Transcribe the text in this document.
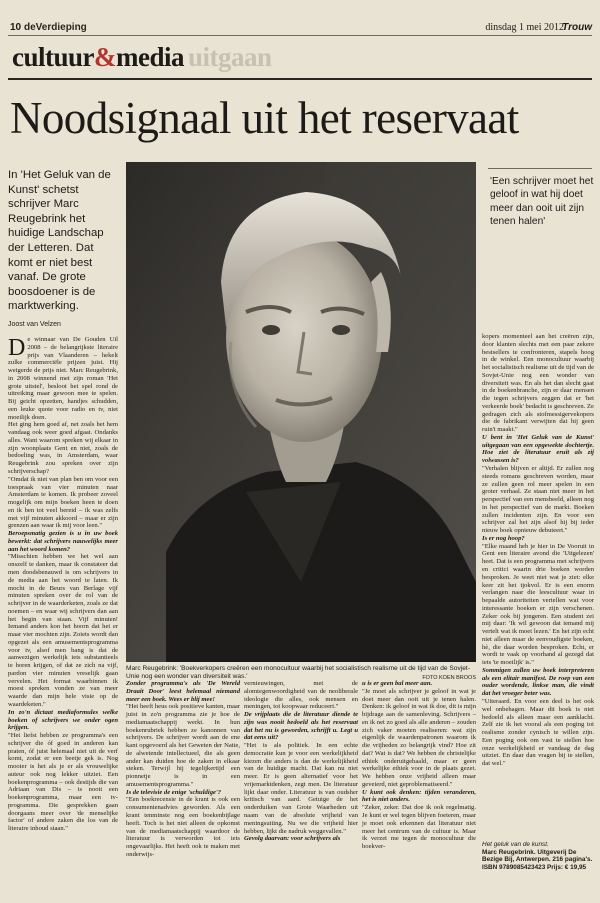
10 deVerdieping	dinsdag 1 mei 2012
Trouw
cultuur&media uitgaan
Noodsignaal uit het reservaat
In 'Het Geluk van de Kunst' schetst schrijver Marc Reugebrink het huidige Landschap der Letteren. Dat komt er niet best vanaf. De grote boosdoener is de marktwerking.
Joost van Velzen
Marc Reugebrink: 'Boekverkopers creëren een monocultuur waarbij het socialistisch realisme uit de tijd van de Sovjet-Unie nog een wonder van diversiteit was.'	FOTO KOEN BROOS
'Een schrijver moet het geloof in wat hij doet meer dan ooit uit zijn tenen halen'

De winnaar van De Gouden Uil 2008 – de belangrijkste literaire prijs van Vlaanderen – hekelt zulke commerciële prijzen juist. Hij weigerde de prijs niet. Marc Reugebrink, in 2008 winnend met zijn roman 'Het grote uitstel', besloot het spel rond de uitreiking maar gewoon mee te spelen. Bij geicht opzetten, handjes schudden, een leuke quote voor radio en tv, niet moeilijk doen.

Het ging hem goed af, net zoals het hem vandaag ook weer goed afgaat. Ondanks alles. Want waarom spreken wij elkaar in zijn woonplaats Gent en niet, zoals de bedoeling was, in Amsterdam, waar Reugebrink zou spreken over zijn schrijverschap?

"Omdat ik niet van plan ben om voor een toespraak van vier minuten naar Amsterdam te komen. Ik probeer zoveel mogelijk om mijn boeken heen te doen en ik ben tot veel bereid – ik was zelfs met vijf minuten akkoord – maar er zijn grenzen aan waar ik mij voor leen."

Beroepsmatig gezien is u in uw boek bewerkt: dat schrijvers nauwelijks meer aan het woord komen?

"Misschien hebben we het wel aan onszelf te danken, maar ik constateer dat men doodsbenauwd is om schrijvers in de media aan het woord te laten. Ik mocht in de Beurs van Berlage vijf minuten spreken over de rol van de schrijver in de waarderketen, zoals ze dat noemen – en waar wij schrijvers dan aan het begin van staan. Vijf minuten! Iemand anders kon het hoorn dat het er maar vier mochten zijn. Zoiets wordt dan opgezet als een amusementsprogramma voor tv, alsof men bang is dat de aanwezigen werkelijk iets substantieels te horen krijgen, of dat ze zich na vijf, pardon vier minuten vreselijk gaan vervelen. Het format waarbinnen ik moest spreken vonden ze van meer waarde dan mijn hele visie op de waardeketen."

In zo'n dictaat mediaformules welke boeken of schrijvers we onder ogen krijgen.

"Het liefst hebben ze programma's een schrijver die óf goed in anderen kan praten, óf juist helemaal niet uit de verf komt, zodat er een beetje gek is. Nog mooier is het als je er als vrouwelijke auteur ook nog lekker uitziet. Een boekenprogramma – ook destijds die van Adriaan van Dis – is nooit een boekenprogramma, maar een tv-programma. Die gesprekken gaan doorgaans meer over 'de menselijke factor' of andere zaken die los van de literaire inhoud staan."

Zonder programma's als 'De Wereld Draait Door' leest helemaal niemand meer een boek. Wees er blij mee!

"Het heeft heus ook positieve kanten, maar juist in zo'n programma zie je hoe de mediamaatschappij werkt. In hun boekenrubriek hebben ze kanonnen van schrijvers. De schrijver wordt aan de ene kant opgevoerd als het Geweten der Natie, de alwetende intellectueel, die als geen ander kan duiden hoe de zaken in elkaar steken. Terwijl hij tegelijkertijd een pionnetje is in een amusementsprogramma."

Is de televisie de enige 'schuldige'?

"Een boekrecensie in de krant is ook een consumentenadvies geworden. Als een krant tenminste nog een boekenbijlage heeft. Toch is het niet alleen de opkomst van de mediamaatschappij waardoor de literatuur is verworden tot iets ongevaarlijks. Het heeft ook te maken met onderwijs-

vernieuwingen, met de alomtegenwoordigheid van de neoliberale ideologie die alles, ook mensen en meningen, tot koopwaar reduceert."

De vrijplaats die de literatuur diende te zijn was nooit bedoeld als het reservaat dat het nu is geworden, schrijft u. Legt u dat eens uit?

"Het is als politiek. In een echte democratie kun je voor een werkelijkheid kiezen die anders is dan de werkelijkheid van de huidige macht. Dat kan nu niet meer. Er is geen alternatief voor het vrijemarktdenken, zegt men. De literatuur lijkt daar onder. Literatuur is van oudsher kritisch van aard. Getuige de het onderduiken van Grote Waarheden uit naam van de absolute vrijheid van meningsuiting. Nu we die vrijheid hier hebben, lijkt die nadruk weggevallen."

Gevolg daarvan: voor schrijvers als

u is er geen bal meer aan.

"Je moet als schrijver je geloof in wat je doet meer dan ooit uit je tenen halen. Denken: ik geloof in wat ik doe, dit is mijn bijdrage aan de samenleving. Schrijvers – en ik net zo goed als alle anderen – zouden zich vaker moeten realiseren: wat zijn eigenlijk de waardenpatronen waarom ik die vrijheden zo belangrijk vind? Hoe zit dat? Wat is dat? We hebben de christelijke ethiek onderuitgehaald, maar er geen werkelijke ethiek voor in de plaats gezet. We hebben onze vrijheid alleen maar geveierd, niet geproblematiseerd."

U kunt ook denken: tijden veranderen, het is niet anders.

"Zeker, zeker. Dat doe ik ook regelmatig. Je kunt er wel tegen blijven foeteren, maar je moet ook erkennen dat literatuur niet meer het centrum van de cultuur is. Maar ik verzet me tegen de monocultuur die boekver-

kopers momenteel aan het creëren zijn, door klanten slechts met een paar zekere bestsellers te confronteren, stapels hoog in de winkel. Een monocultuur waarbij het socialistisch realisme uit de tijd van de Sovjet-Unie nog een wonder van diversiteit was. En als het dan slecht gaat in de boekenbranche, zijn er daar mensen die tegen schrijvers zeggen dat er 'het verkeerde boek' bedacht is geschreven. Ze gedragen zich als stofmessigervekopers die de fabrikant verwijten dat hij geen ruin't maakt."

U bent in 'Het Geluk van de Kunst' uitgegaan van een opgewekte dochtertje. Hoe ziet de literatuur eruit als zij volwassen is?

"Verhalen blijven er altijd. Er zullen nog steeds romans geschreven worden, maar ze zullen geen rol meer spelen in een groter verhaal. Ze staan niet meer in het perspectief van een mensbeeld, alleen nog in het perspectief van de markt. Boeken zullen incidenten zijn. En voor een schrijver zal het zijn alsof hij bij ieder nieuw boek opnieuw debuteert."

Is er nog hoop?

"Elke maand heb je hier in De Vooruit in Gent een literaire avond die 'Uitgelezen' heet. Dat is een programma met schrijvers en critici waarin drie boeken worden besproken. Je weet niet wat je ziet: elke keer zit het tjokvol. Er is een enorm verlangen naar die leescultuur waar in bepaalde autoriteiten vertellen wat voor interessante boeken er zijn verschenen. Zeker ook bij jongeren. Een student zei mij daar: 'Ik wil gewoon dat iemand mij vertelt wat ik moet lezen.' En het zijn echt niet alleen maar de eenvoudigste boeken, hè, die daar worden besproken. Echt, er wordt te vaak op voorhand al gezegd dat iets 'te moeilijk' is."

Sommigen zullen uw boek interpreteren als een elitair manifest. De roep van een ouder wordende, linkse man, die vindt dat het vroeger beter was.

"Uiteraard. En voor een deel is het ook wel onbehagen. Maar dit boek is niet bedoeld als alleen maar een aanklacht. Zelf zie ik het vooral als een poging tot realisme zonder cynisch te willen zijn. Een poging ook om vast te stellen hoe onze werkelijkheid er vandaag de dag uitziet. En daar dan vragen bij te stellen, dat wel."

Het geluk van de kunst.
Marc Reugebrink. Uitgeverij De Bezige Bij, Antwerpen. 216 pagina's. ISBN 9789085423423 Prijs: € 19,95
